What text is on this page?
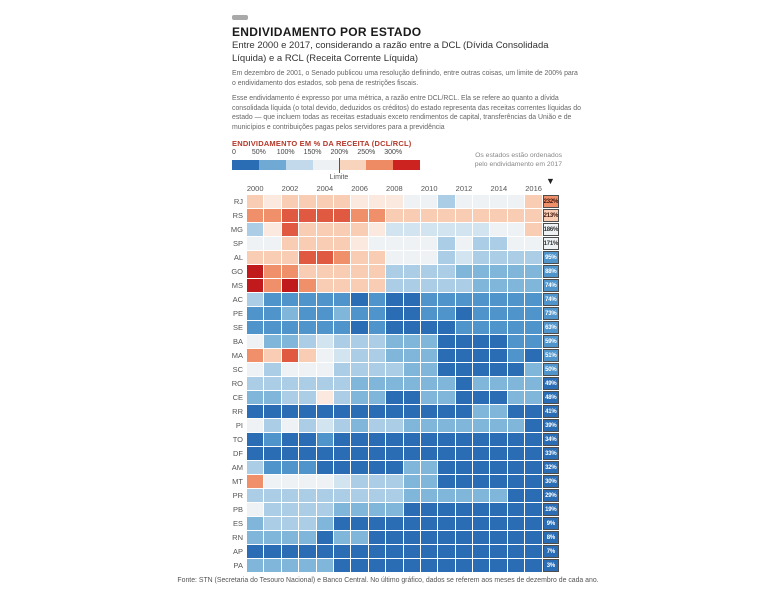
ENDIVIDAMENTO POR ESTADO
Entre 2000 e 2017, considerando a razão entre a DCL (Dívida Consolidada Líquida) e a RCL (Receita Corrente Líquida)
Em dezembro de 2001, o Senado publicou uma resolução definindo, entre outras coisas, um limite de 200% para o endividamento dos estados, sob pena de restrições fiscais.
Esse endividamento é expresso por uma métrica, a razão entre DCL/RCL. Ela se refere ao quanto a dívida consolidada líquida (o total devido, deduzidos os créditos) do estado representa das receitas correntes líquidas do estado — que incluem todas as receitas estaduais exceto rendimentos de capital, transferências da União e de municípios e contribuições pagas pelos servidores para a previdência
ENDIVIDAMENTO EM % DA RECEITA (DCL/RCL)
0 50% 100% 150% 200% 250% 300%
Limite
Os estados estão ordenados pelo endividamento em 2017
▼
2000 2002 2004 2006 2008 2010 2012 2014 2016
RJ	232%
RS	213%
MG	186%
SP	171%
AL	95%
GO	88%
MS	74%
AC	74%
PE	73%
SE	63%
BA	59%
MA	51%
SC	50%
RO	49%
CE	48%
RR	41%
PI	39%
TO	34%
DF	33%
AM	32%
MT	30%
PR	29%
PB	19%
ES	9%
RN	8%
AP	7%
PA	3%
Fonte: STN (Secretaria do Tesouro Nacional) e Banco Central. No último gráfico, dados se referem aos meses de dezembro de cada ano.
